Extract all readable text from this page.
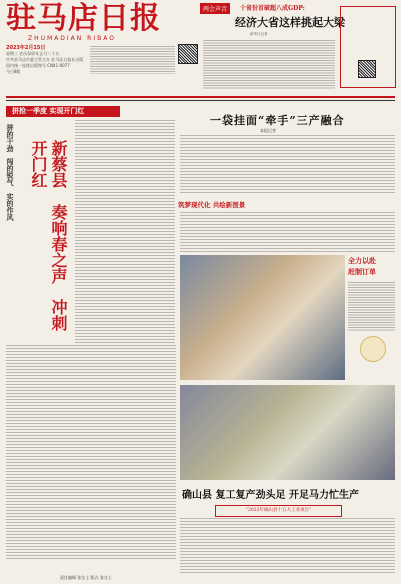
驻马店日报
ZHUMADIAN RIBAO
2023年2月15日
星期三 农历癸卯年正月二十五
中共驻马店市委主管主办 驻马店日报社出版
国内统一连续出版物号 CN41-0077
今日8版
两会声音	十省份首破超八成GDP:
经济大省这样挑起大梁
新华社记者
拼抢一季度 实现开门红
拼的干劲 闯的锐气 实的作风
新蔡县 奏响春之声 冲刺开门红
一袋挂面“牵手”三产融合
本报记者
筑梦现代化 共绘新图景
全力以赴
赶制订单
确山县 复工复产劲头足 开足马力忙生产
“2023年确山县十五大工业项目”
责任编辑 张女士 版式 张女士
